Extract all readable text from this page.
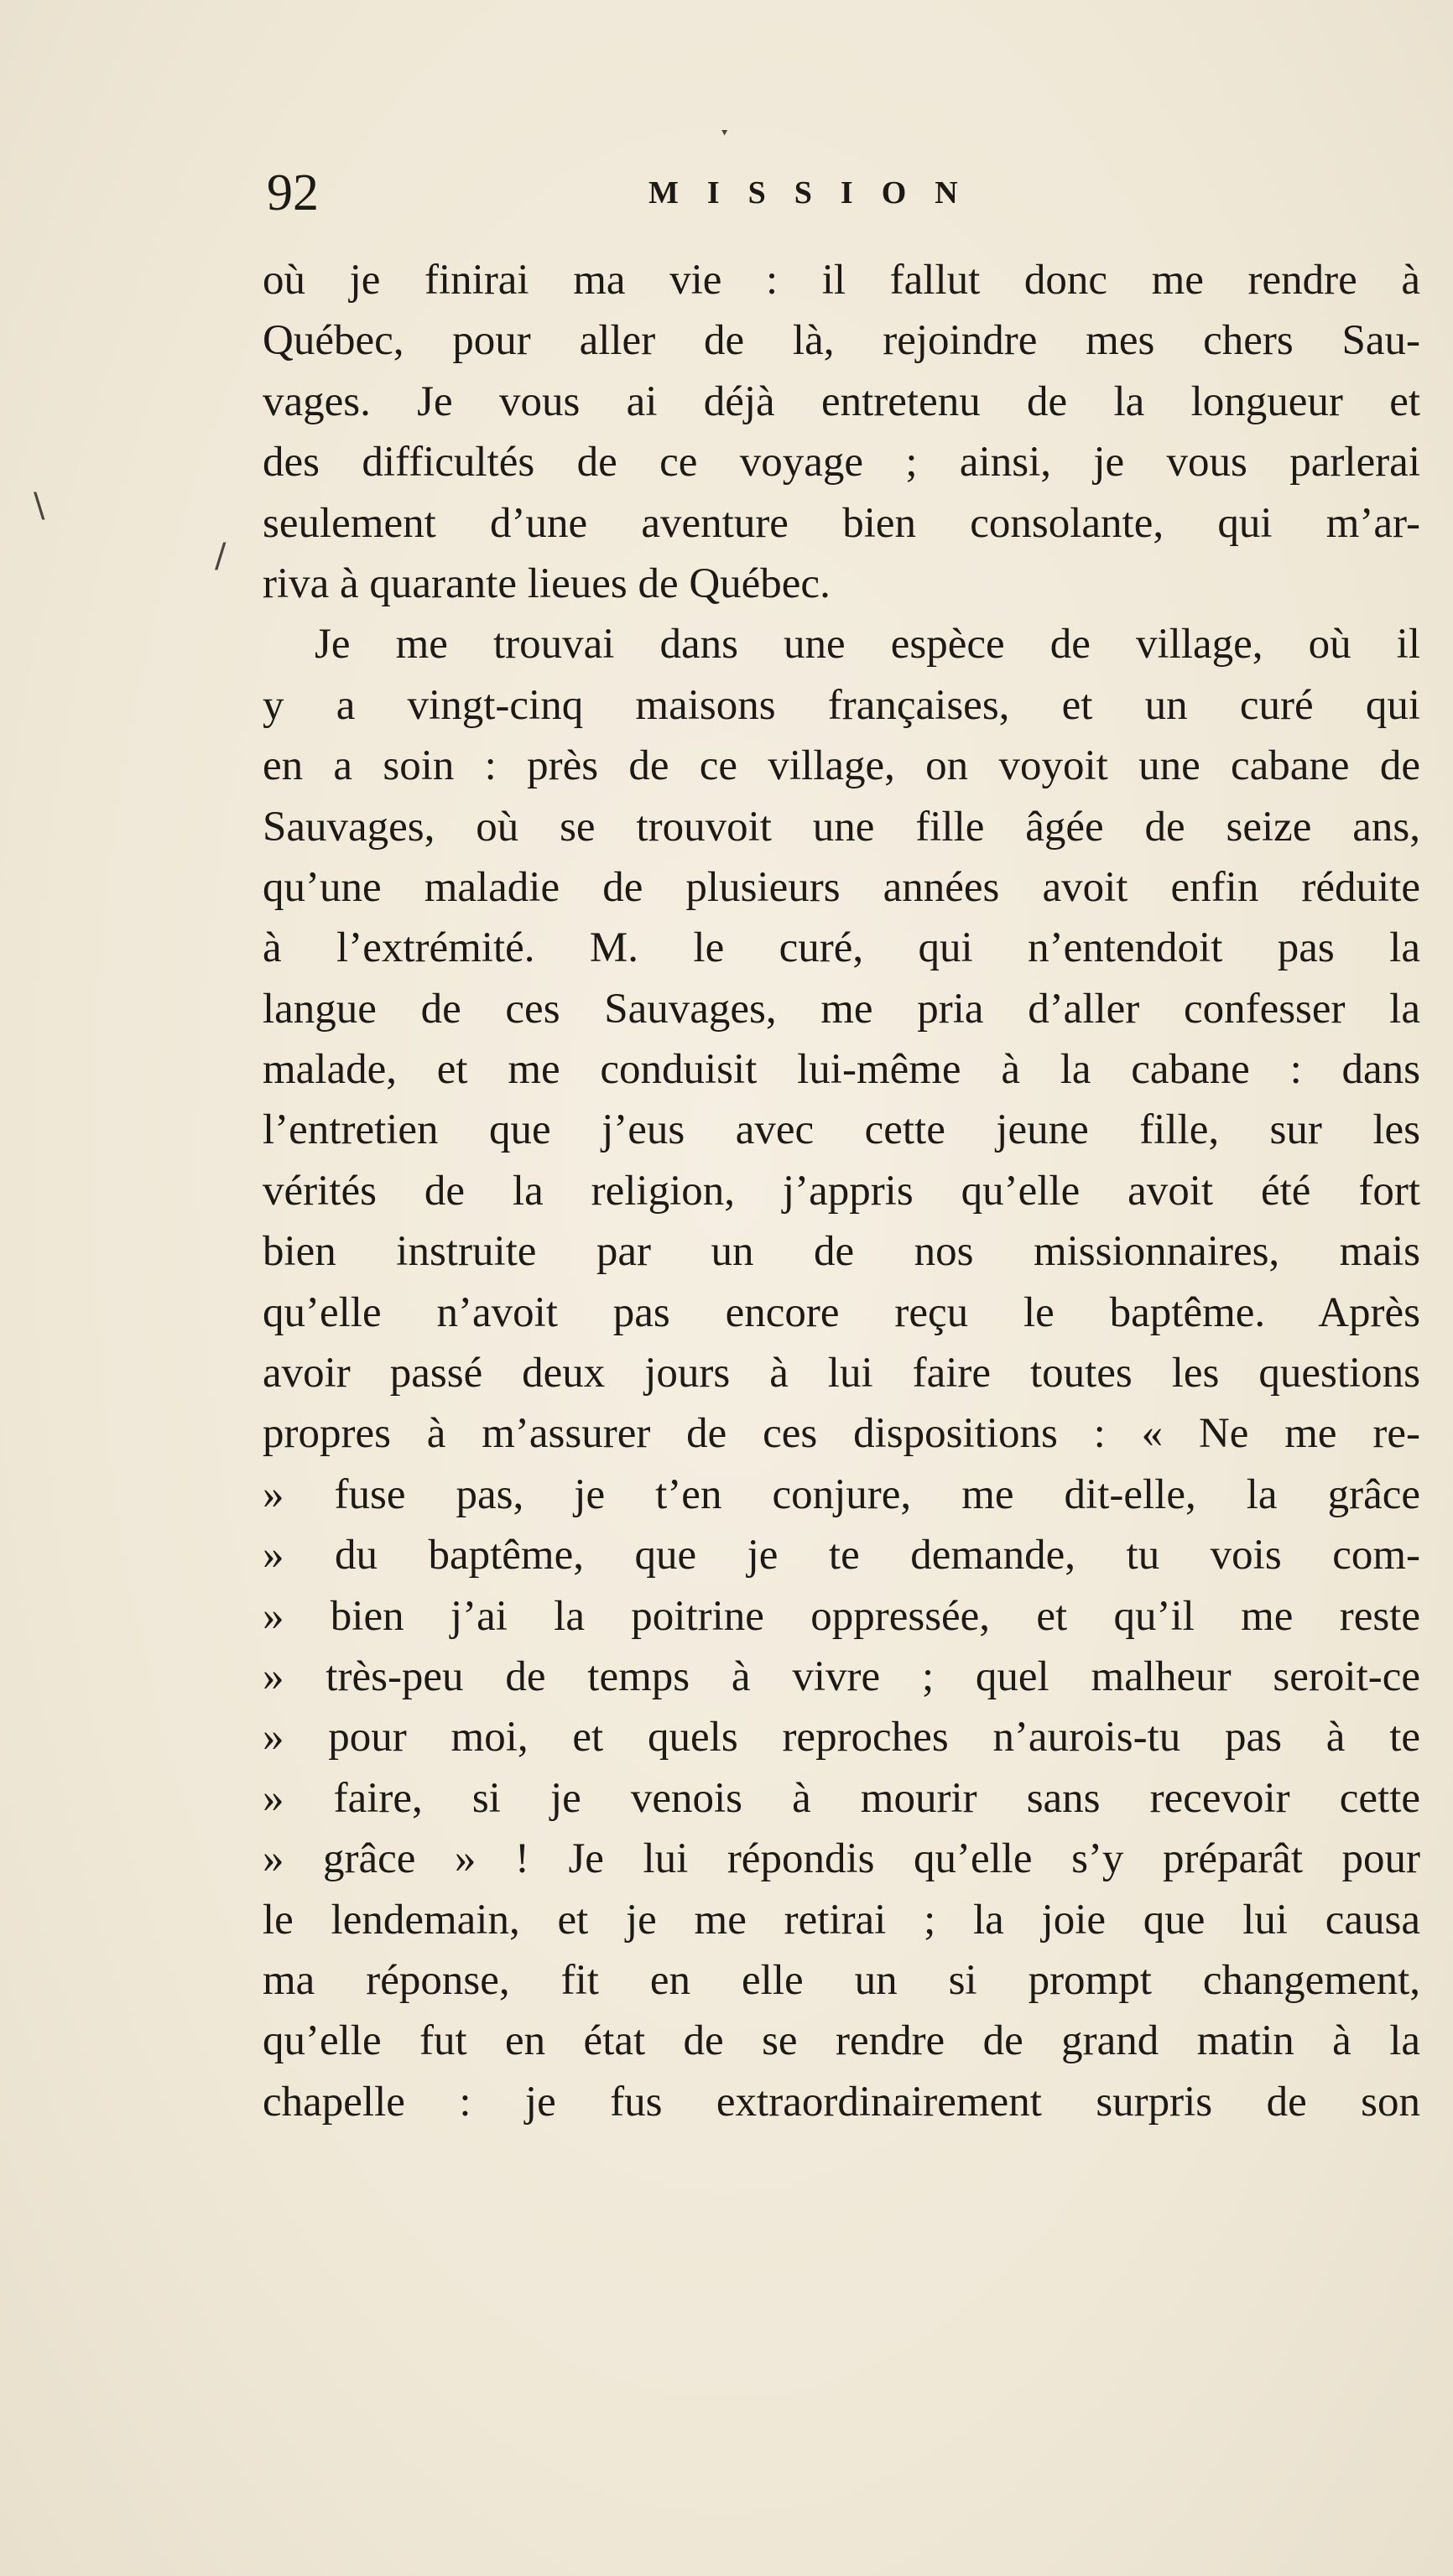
ˑ
\
/
92	MISSION
où je finirai ma vie : il fallut donc me rendre à
Québec, pour aller de là, rejoindre mes chers Sau-
vages. Je vous ai déjà entretenu de la longueur et
des difficultés de ce voyage ; ainsi, je vous parlerai
seulement d’une aventure bien consolante, qui m’ar-
riva à quarante lieues de Québec.
Je me trouvai dans une espèce de village, où il
y a vingt-cinq maisons françaises, et un curé qui
en a soin : près de ce village, on voyoit une cabane de
Sauvages, où se trouvoit une fille âgée de seize ans,
qu’une maladie de plusieurs années avoit enfin réduite
à l’extrémité. M. le curé, qui n’entendoit pas la
langue de ces Sauvages, me pria d’aller confesser la
malade, et me conduisit lui-même à la cabane : dans
l’entretien que j’eus avec cette jeune fille, sur les
vérités de la religion, j’appris qu’elle avoit été fort
bien instruite par un de nos missionnaires, mais
qu’elle n’avoit pas encore reçu le baptême. Après
avoir passé deux jours à lui faire toutes les questions
propres à m’assurer de ces dispositions : « Ne me re-
» fuse pas, je t’en conjure, me dit-elle, la grâce
» du baptême, que je te demande, tu vois com-
» bien j’ai la poitrine oppressée, et qu’il me reste
» très-peu de temps à vivre ; quel malheur seroit-ce
» pour moi, et quels reproches n’aurois-tu pas à te
» faire, si je venois à mourir sans recevoir cette
» grâce » ! Je lui répondis qu’elle s’y préparât pour
le lendemain, et je me retirai ; la joie que lui causa
ma réponse, fit en elle un si prompt changement,
qu’elle fut en état de se rendre de grand matin à la
chapelle : je fus extraordinairement surpris de son
